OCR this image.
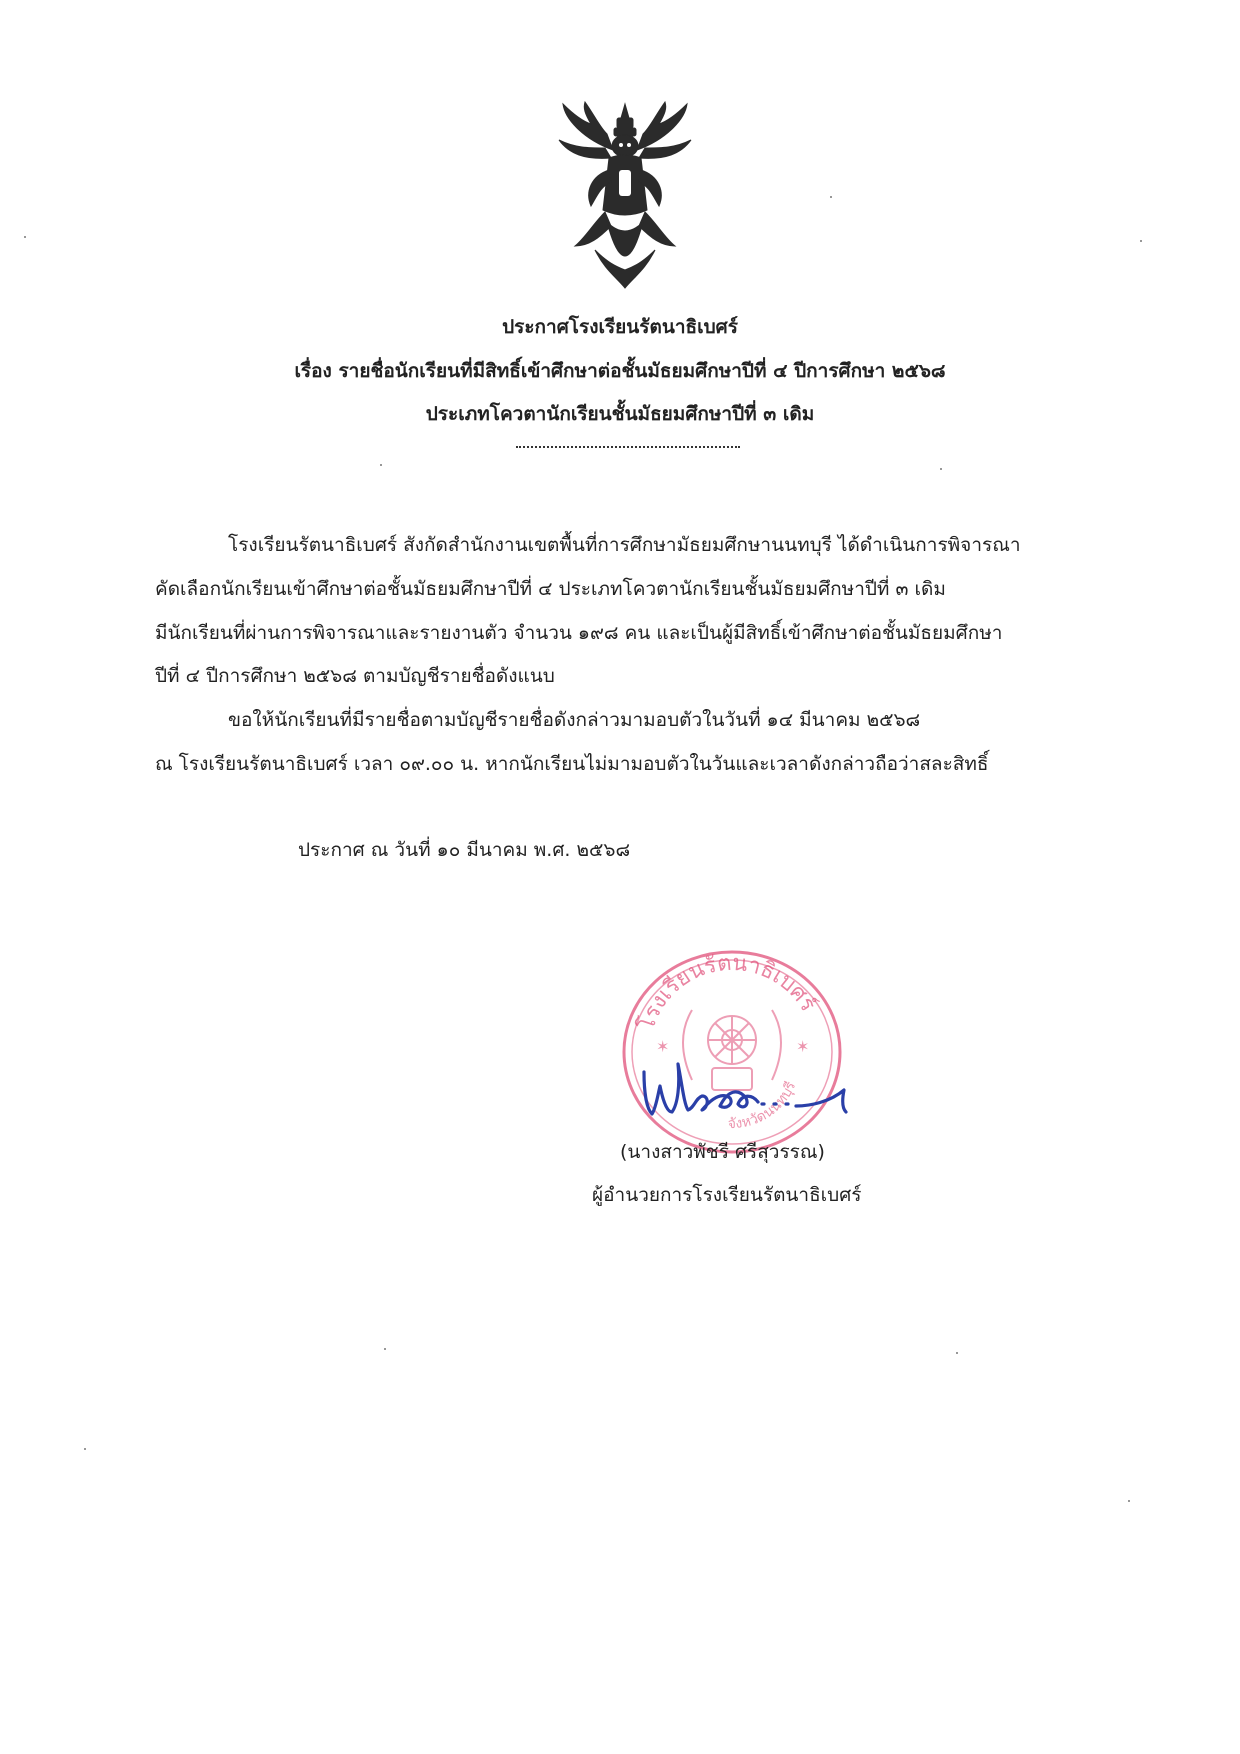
ประกาศโรงเรียนรัตนาธิเบศร์
เรื่อง รายชื่อนักเรียนที่มีสิทธิ์เข้าศึกษาต่อชั้นมัธยมศึกษาปีที่ ๔ ปีการศึกษา ๒๕๖๘
ประเภทโควตานักเรียนชั้นมัธยมศึกษาปีที่ ๓ เดิม
โรงเรียนรัตนาธิเบศร์ สังกัดสำนักงานเขตพื้นที่การศึกษามัธยมศึกษานนทบุรี ได้ดำเนินการพิจารณา
คัดเลือกนักเรียนเข้าศึกษาต่อชั้นมัธยมศึกษาปีที่ ๔ ประเภทโควตานักเรียนชั้นมัธยมศึกษาปีที่ ๓ เดิม
มีนักเรียนที่ผ่านการพิจารณาและรายงานตัว จำนวน ๑๙๘ คน และเป็นผู้มีสิทธิ์เข้าศึกษาต่อชั้นมัธยมศึกษา
ปีที่ ๔ ปีการศึกษา ๒๕๖๘ ตามบัญชีรายชื่อดังแนบ
ขอให้นักเรียนที่มีรายชื่อตามบัญชีรายชื่อดังกล่าวมามอบตัวในวันที่ ๑๔ มีนาคม ๒๕๖๘
ณ โรงเรียนรัตนาธิเบศร์ เวลา ๐๙.๐๐ น. หากนักเรียนไม่มามอบตัวในวันและเวลาดังกล่าวถือว่าสละสิทธิ์
ประกาศ ณ วันที่ ๑๐ มีนาคม พ.ศ. ๒๕๖๘
โรงเรียนรัตนาธิเบศร์
จังหวัดนนทบุรี
✶	✶
(นางสาวพัชรี ศรีสุวรรณ)
ผู้อำนวยการโรงเรียนรัตนาธิเบศร์
